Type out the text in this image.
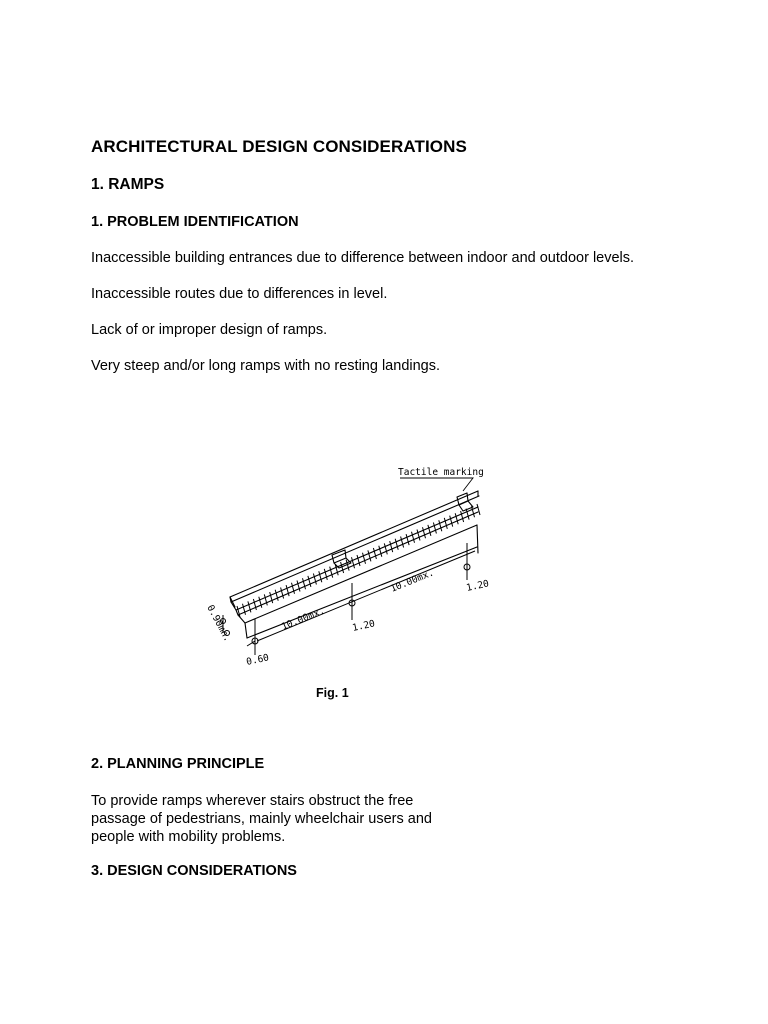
ARCHITECTURAL DESIGN CONSIDERATIONS

1. RAMPS

1. PROBLEM IDENTIFICATION

Inaccessible building entrances due to difference between indoor and outdoor levels.

Inaccessible routes due to differences in level.

Lack of or improper design of ramps.

Very steep and/or long ramps with no resting landings.

Tactile marking
0.90mn.	10.00mx.
10.00mx.
1.20
1.20
0.60

Fig. 1

2. PLANNING PRINCIPLE

To provide ramps wherever stairs obstruct the free
passage of pedestrians, mainly wheelchair users and
people with mobility problems.

3. DESIGN CONSIDERATIONS
